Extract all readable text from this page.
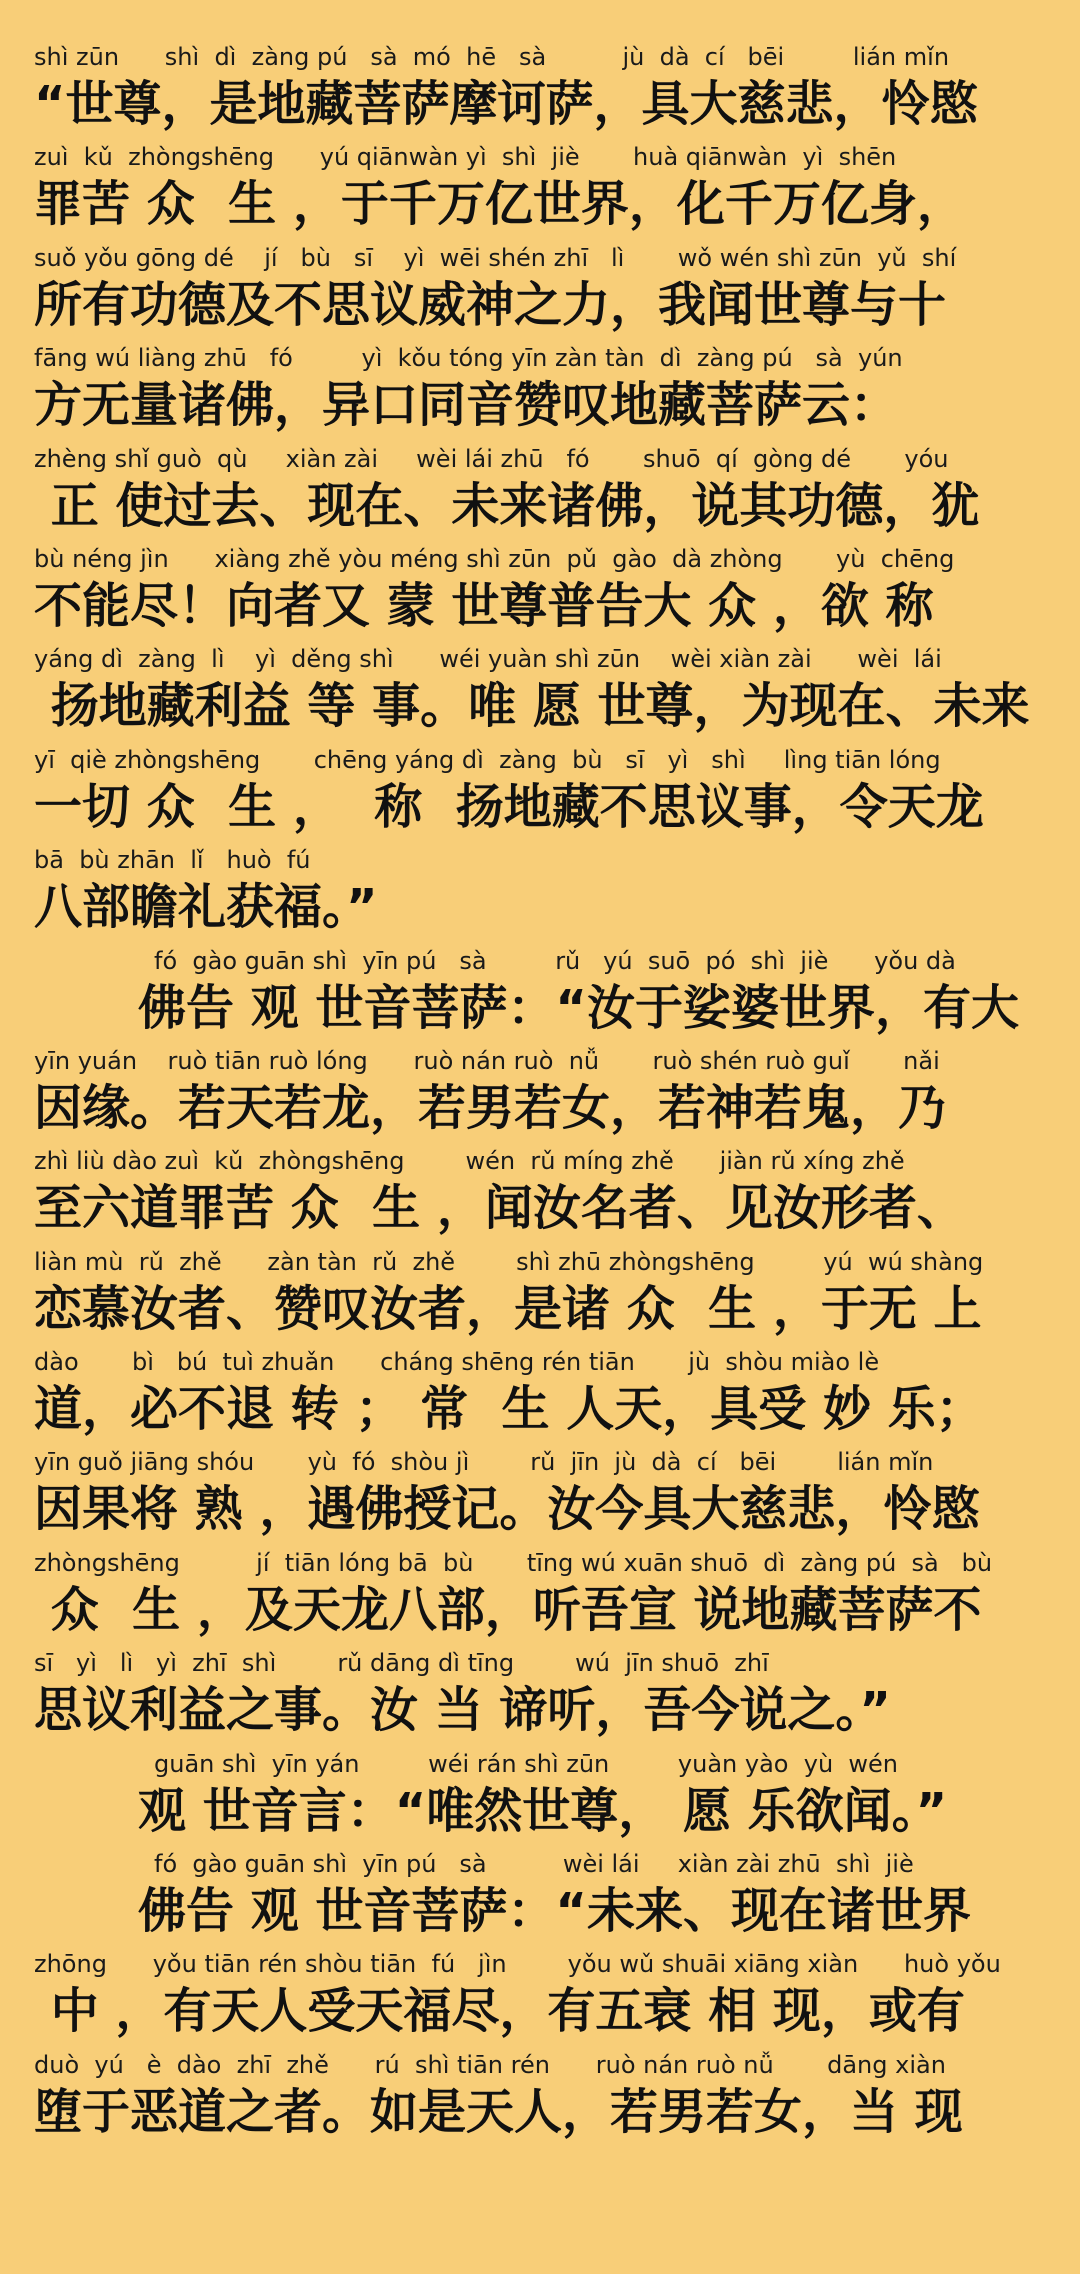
shì zūn      shì  dì  zàng pú   sà  mó  hē   sà          jù  dà  cí   bēi         lián mǐn
“世尊，是地藏菩萨摩诃萨，具大慈悲，怜愍
zuì  kǔ  zhòngshēng      yú qiānwàn yì  shì  jiè       huà qiānwàn  yì  shēn
罪苦 众  生 ，于千万亿世界，化千万亿身，
suǒ yǒu gōng dé    jí   bù   sī    yì  wēi shén zhī   lì       wǒ wén shì zūn  yǔ  shí
所有功德及不思议威神之力，我闻世尊与十
fāng wú liàng zhū   fó         yì  kǒu tóng yīn zàn tàn  dì  zàng pú   sà  yún
方无量诸佛，异口同音赞叹地藏菩萨云：
zhèng shǐ guò  qù     xiàn zài     wèi lái zhū   fó       shuō  qí  gòng dé       yóu
正 使过去、现在、未来诸佛，说其功德，犹
bù néng jìn      xiàng zhě yòu méng shì zūn  pǔ  gào  dà zhòng       yù  chēng
不能尽！向者又 蒙 世尊普告大 众 ，欲 称
yáng dì  zàng  lì    yì  děng shì      wéi yuàn shì zūn    wèi xiàn zài      wèi  lái
扬地藏利益 等 事。唯 愿 世尊，为现在、未来
yī  qiè zhòngshēng       chēng yáng dì  zàng  bù   sī   yì   shì     lìng tiān lóng
一切 众  生 ，  称  扬地藏不思议事，令天龙
bā  bù zhān  lǐ   huò  fú
八部瞻礼获福。”
fó  gào guān shì  yīn pú   sà         rǔ   yú  suō  pó  shì  jiè      yǒu dà
佛告 观 世音菩萨：“汝于娑婆世界，有大
yīn yuán    ruò tiān ruò lóng      ruò nán ruò  nǚ       ruò shén ruò guǐ       nǎi
因缘。若天若龙，若男若女，若神若鬼，乃
zhì liù dào zuì  kǔ  zhòngshēng        wén  rǔ míng zhě      jiàn rǔ xíng zhě
至六道罪苦 众  生 ，闻汝名者、见汝形者、
liàn mù  rǔ  zhě      zàn tàn  rǔ  zhě        shì zhū zhòngshēng         yú  wú shàng
恋慕汝者、赞叹汝者，是诸 众  生 ，于无 上
dào       bì   bú  tuì zhuǎn      cháng shēng rén tiān       jù  shòu miào lè
道，必不退 转 ； 常  生 人天，具受 妙 乐；
yīn guǒ jiāng shóu       yù  fó  shòu jì        rǔ  jīn  jù  dà  cí   bēi        lián mǐn
因果将 熟 ，遇佛授记。汝今具大慈悲，怜愍
zhòngshēng          jí  tiān lóng bā  bù       tīng wú xuān shuō  dì  zàng pú  sà   bù
众  生 ，及天龙八部，听吾宣 说地藏菩萨不
sī   yì   lì   yì  zhī  shì        rǔ dāng dì tīng        wú  jīn shuō  zhī
思议利益之事。汝 当 谛听，吾今说之。”
guān shì  yīn yán         wéi rán shì zūn         yuàn yào  yù  wén
观 世音言：“唯然世尊， 愿 乐欲闻。”
fó  gào guān shì  yīn pú   sà          wèi lái     xiàn zài zhū  shì  jiè
佛告 观 世音菩萨：“未来、现在诸世界
zhōng      yǒu tiān rén shòu tiān  fú   jìn        yǒu wǔ shuāi xiāng xiàn      huò yǒu
中 ，有天人受天福尽，有五衰 相 现，或有
duò  yú   è  dào  zhī  zhě      rú  shì tiān rén      ruò nán ruò nǚ       dāng xiàn
堕于恶道之者。如是天人，若男若女，当 现
